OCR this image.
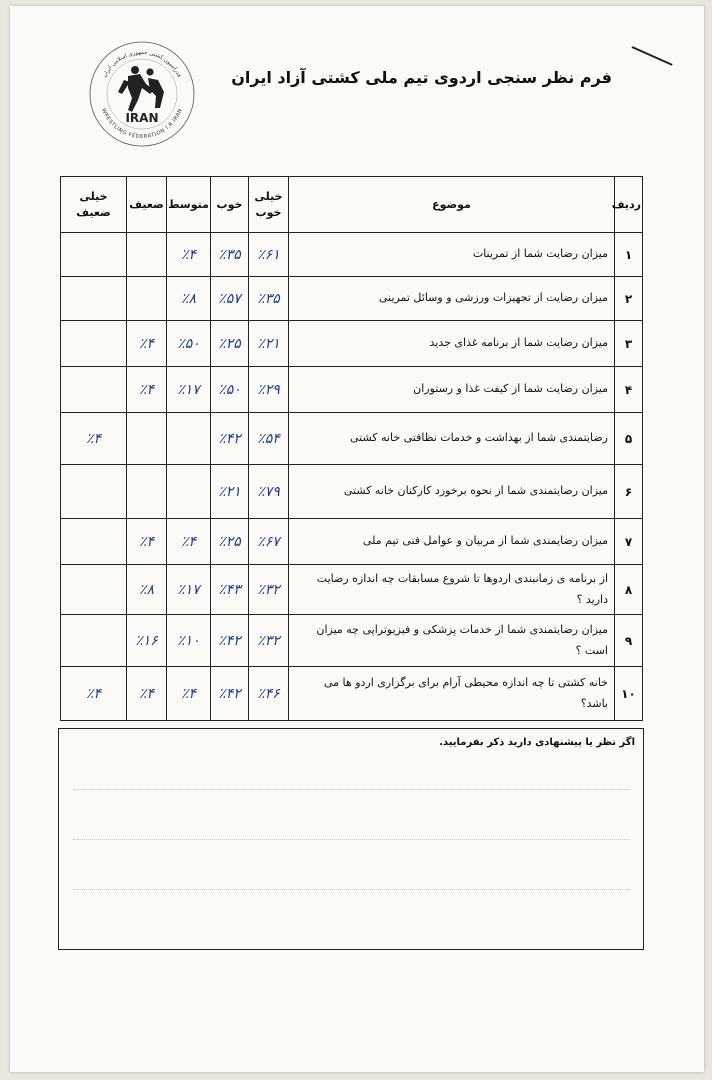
فدراسیون کشتی جمهوری اسلامی ایران
WRESTLING FEDERATION I.R.IRAN
IRAN
فرم نظر سنجی اردوی تیم ملی کشتی آزاد ایران
ردیف	موضوع	خیلی خوب	خوب	متوسط	ضعیف	خیلی ضعیف
۱	میزان رضایت شما از تمرینات	٪۶۱	٪۳۵	٪۴		
۲	میزان رضایت از تجهیزات ورزشی و وسائل تمرینی	٪۳۵	٪۵۷	٪۸		
۳	میزان رضایت شما از برنامه غذای جدید	٪۲۱	٪۲۵	٪۵۰	٪۴	
۴	میزان رضایت شما از کیفت غذا و رستوران	٪۲۹	٪۵۰	٪۱۷	٪۴	
۵	رضایتمندی شما از بهداشت و خدمات نظافتی خانه کشتی	٪۵۴	٪۴۲			٪۴
۶	میزان رضایتمندی شما از نحوه برخورد کارکنان خانه کشتی	٪۷۹	٪۲۱			
۷	میزان رضایمندی شما از مربیان و عوامل فنی تیم ملی	٪۶۷	٪۲۵	٪۴	٪۴	
۸	از برنامه ی زمانبندی اردوها تا شروع مسابقات چه اندازه رضایت دارید ؟	٪۳۲	٪۴۳	٪۱۷	٪۸	
۹	میزان رضایتمندی شما از خدمات پزشکی و فیزیوتراپی چه میزان است ؟	٪۳۲	٪۴۲	٪۱۰	٪۱۶	
۱۰	خانه کشتی تا چه اندازه محیطی آرام برای برگزاری اردو ها می باشد؟	٪۴۶	٪۴۲	٪۴	٪۴	٪۴
اگر نظر یا پیشنهادی دارید ذکر بفرمایید.
